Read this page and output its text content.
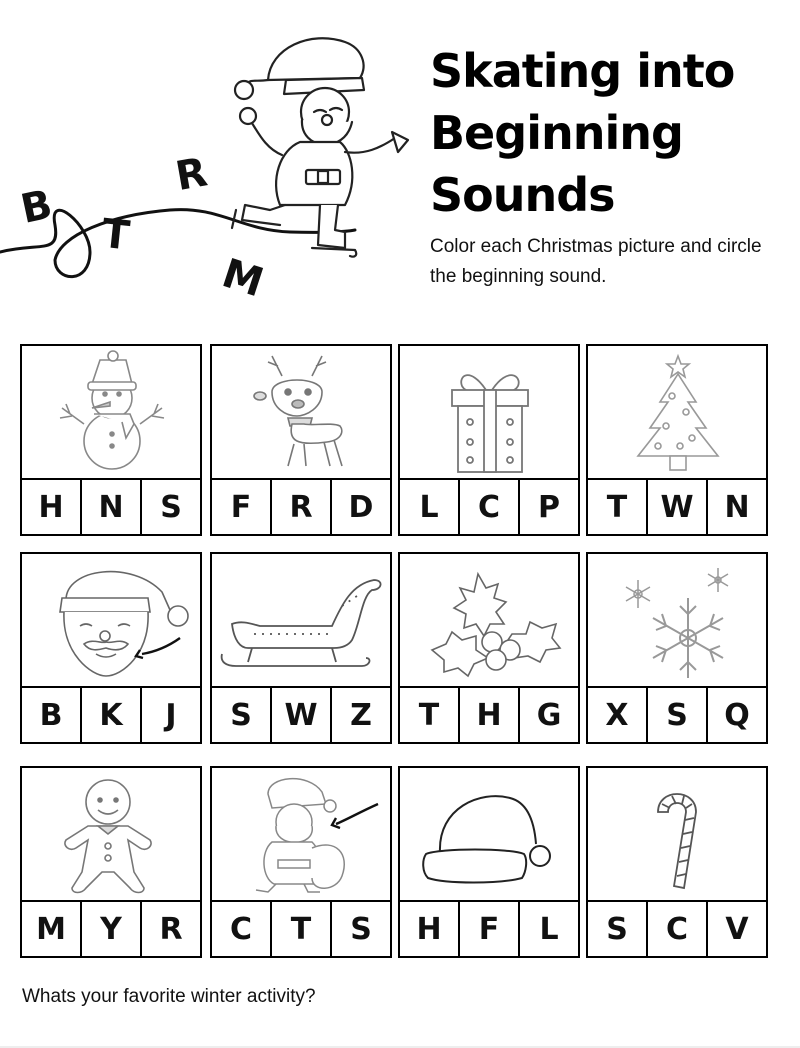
B
T
R
M
Skating into
Beginning
Sounds
Color each Christmas picture and circle the beginning sound.
H	N	S	F	R	D	L	C	P	T	W	N
B	K	J	S	W	Z	T	H	G	X	S	Q
M	Y	R	C	T	S	H	F	L	S	C	V
Whats your favorite winter activity?
